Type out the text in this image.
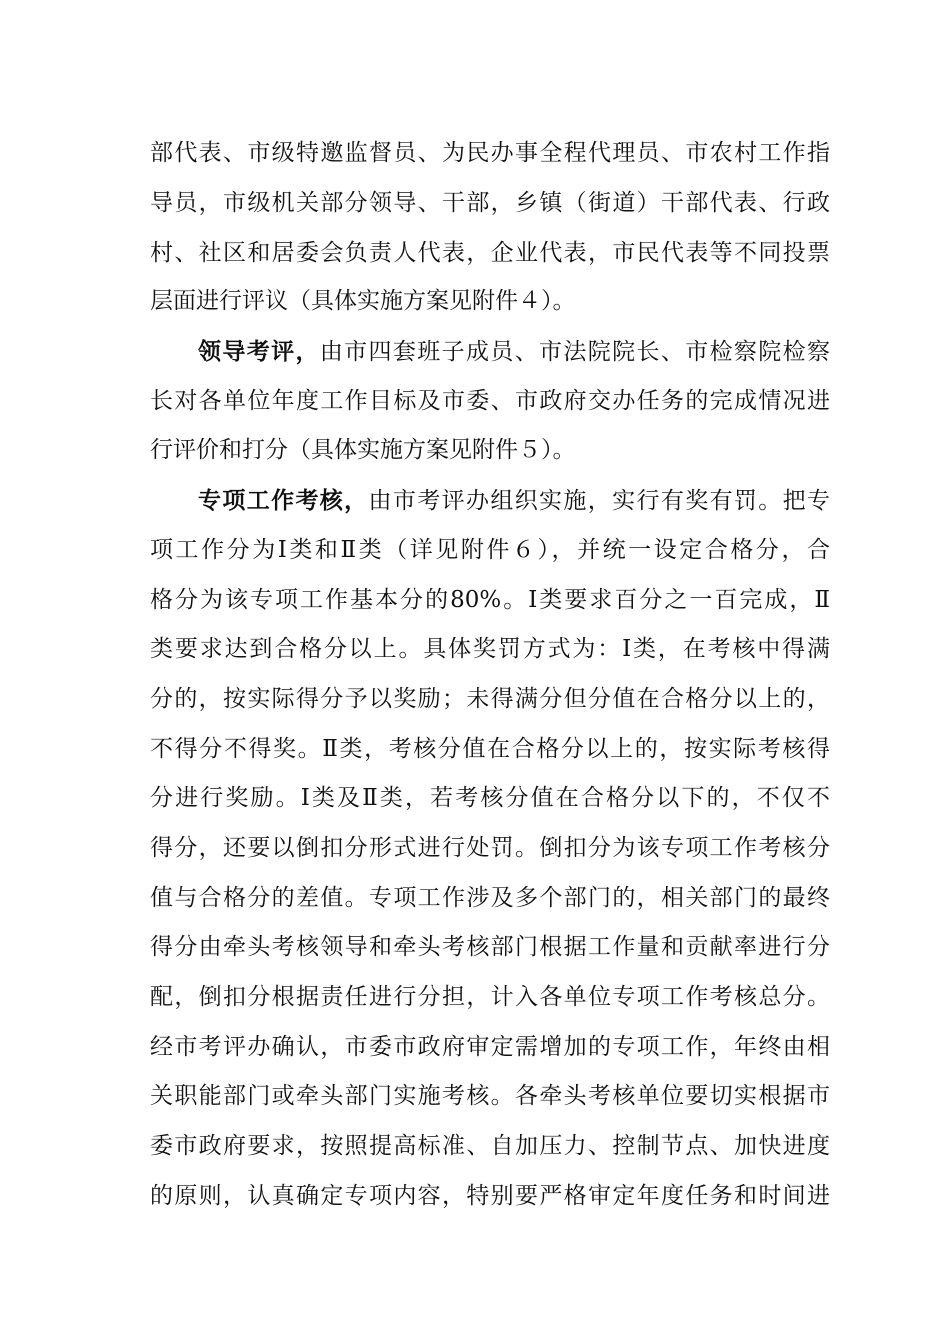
部代表、市级特邀监督员、为民办事全程代理员、市农村工作指
导员，市级机关部分领导、干部，乡镇（街道）干部代表、行政
村、社区和居委会负责人代表，企业代表，市民代表等不同投票
层面进行评议（具体实施方案见附件４）。
领导考评，由市四套班子成员、市法院院长、市检察院检察
长对各单位年度工作目标及市委、市政府交办任务的完成情况进
行评价和打分（具体实施方案见附件５）。
专项工作考核，由市考评办组织实施，实行有奖有罚。把专
项工作分为Ⅰ类和Ⅱ类（详见附件６），并统一设定合格分，合
格分为该专项工作基本分的80%。Ⅰ类要求百分之一百完成，Ⅱ
类要求达到合格分以上。具体奖罚方式为：Ⅰ类，在考核中得满
分的，按实际得分予以奖励；未得满分但分值在合格分以上的，
不得分不得奖。Ⅱ类，考核分值在合格分以上的，按实际考核得
分进行奖励。Ⅰ类及Ⅱ类，若考核分值在合格分以下的，不仅不
得分，还要以倒扣分形式进行处罚。倒扣分为该专项工作考核分
值与合格分的差值。专项工作涉及多个部门的，相关部门的最终
得分由牵头考核领导和牵头考核部门根据工作量和贡献率进行分
配，倒扣分根据责任进行分担，计入各单位专项工作考核总分。
经市考评办确认，市委市政府审定需增加的专项工作，年终由相
关职能部门或牵头部门实施考核。各牵头考核单位要切实根据市
委市政府要求，按照提高标准、自加压力、控制节点、加快进度
的原则，认真确定专项内容，特别要严格审定年度任务和时间进
